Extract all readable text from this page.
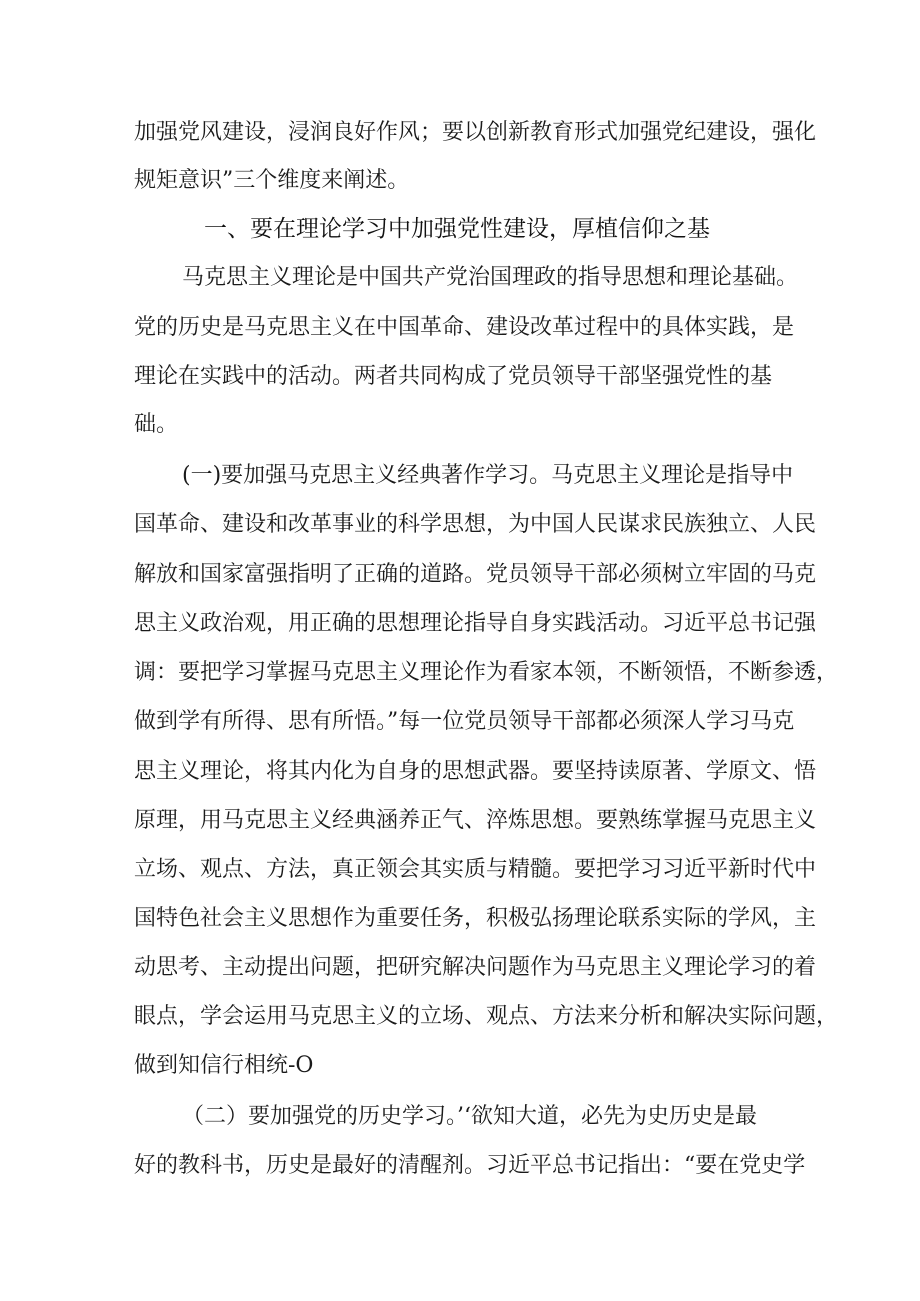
加强党风建设，浸润良好作风；要以创新教育形式加强党纪建设，强化
规矩意识”三个维度来阐述。
一、要在理论学习中加强党性建设，厚植信仰之基
马克思主义理论是中国共产党治国理政的指导思想和理论基础。
党的历史是马克思主义在中国革命、建设改革过程中的具体实践，是
理论在实践中的活动。两者共同构成了党员领导干部坚强党性的基
础。
(一)要加强马克思主义经典著作学习。马克思主义理论是指导中
国革命、建设和改革事业的科学思想，为中国人民谋求民族独立、人民
解放和国家富强指明了正确的道路。党员领导干部必须树立牢固的马克
思主义政治观，用正确的思想理论指导自身实践活动。习近平总书记强
调：要把学习掌握马克思主义理论作为看家本领，不断领悟，不断参透，
做到学有所得、思有所悟。”每一位党员领导干部都必须深人学习马克
思主义理论，将其内化为自身的思想武器。要坚持读原著、学原文、悟
原理，用马克思主义经典涵养正气、淬炼思想。要熟练掌握马克思主义
立场、观点、方法，真正领会其实质与精髓。要把学习习近平新时代中
国特色社会主义思想作为重要任务，积极弘扬理论联系实际的学风，主
动思考、主动提出问题，把研究解决问题作为马克思主义理论学习的着
眼点，学会运用马克思主义的立场、观点、方法来分析和解决实际问题，
做到知信行相统-O
（二）要加强党的历史学习。’‘欲知大道，必先为史历史是最
好的教科书，历史是最好的清醒剂。习近平总书记指出：“要在党史学
